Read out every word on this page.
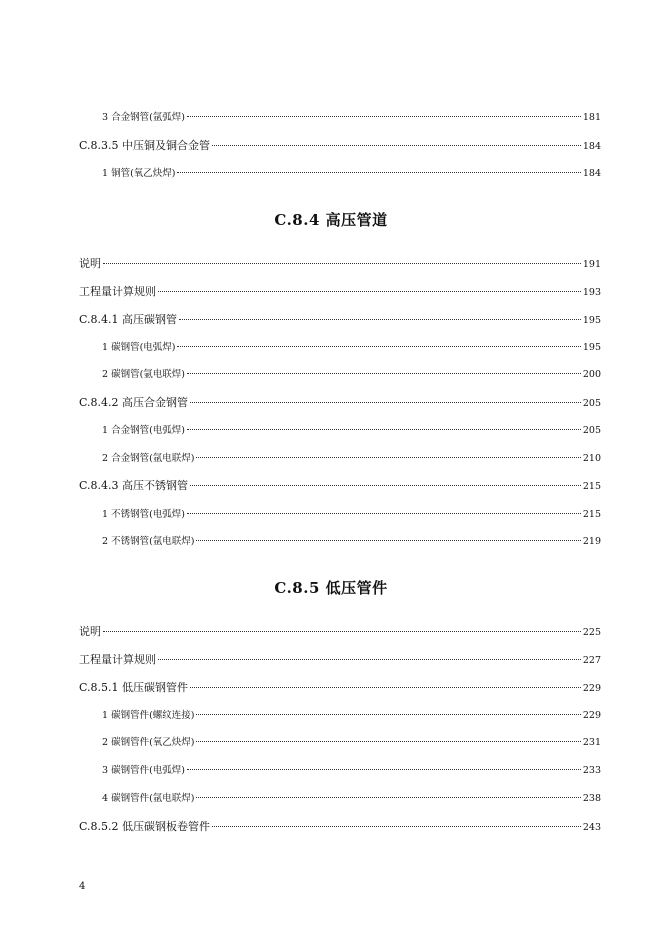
3 合金钢管(氩弧焊)	181
C.8.3.5 中压铜及铜合金管	184
1 铜管(氧乙炔焊)	184
C.8.4 高压管道
说明	191
工程量计算规则	193
C.8.4.1 高压碳钢管	195
1 碳钢管(电弧焊)	195
2 碳钢管(氩电联焊)	200
C.8.4.2 高压合金钢管	205
1 合金钢管(电弧焊)	205
2 合金钢管(氩电联焊)	210
C.8.4.3 高压不锈钢管	215
1 不锈钢管(电弧焊)	215
2 不锈钢管(氩电联焊)	219
C.8.5 低压管件
说明	225
工程量计算规则	227
C.8.5.1 低压碳钢管件	229
1 碳钢管件(螺纹连接)	229
2 碳钢管件(氧乙炔焊)	231
3 碳钢管件(电弧焊)	233
4 碳钢管件(氩电联焊)	238
C.8.5.2 低压碳钢板卷管件	243
4
